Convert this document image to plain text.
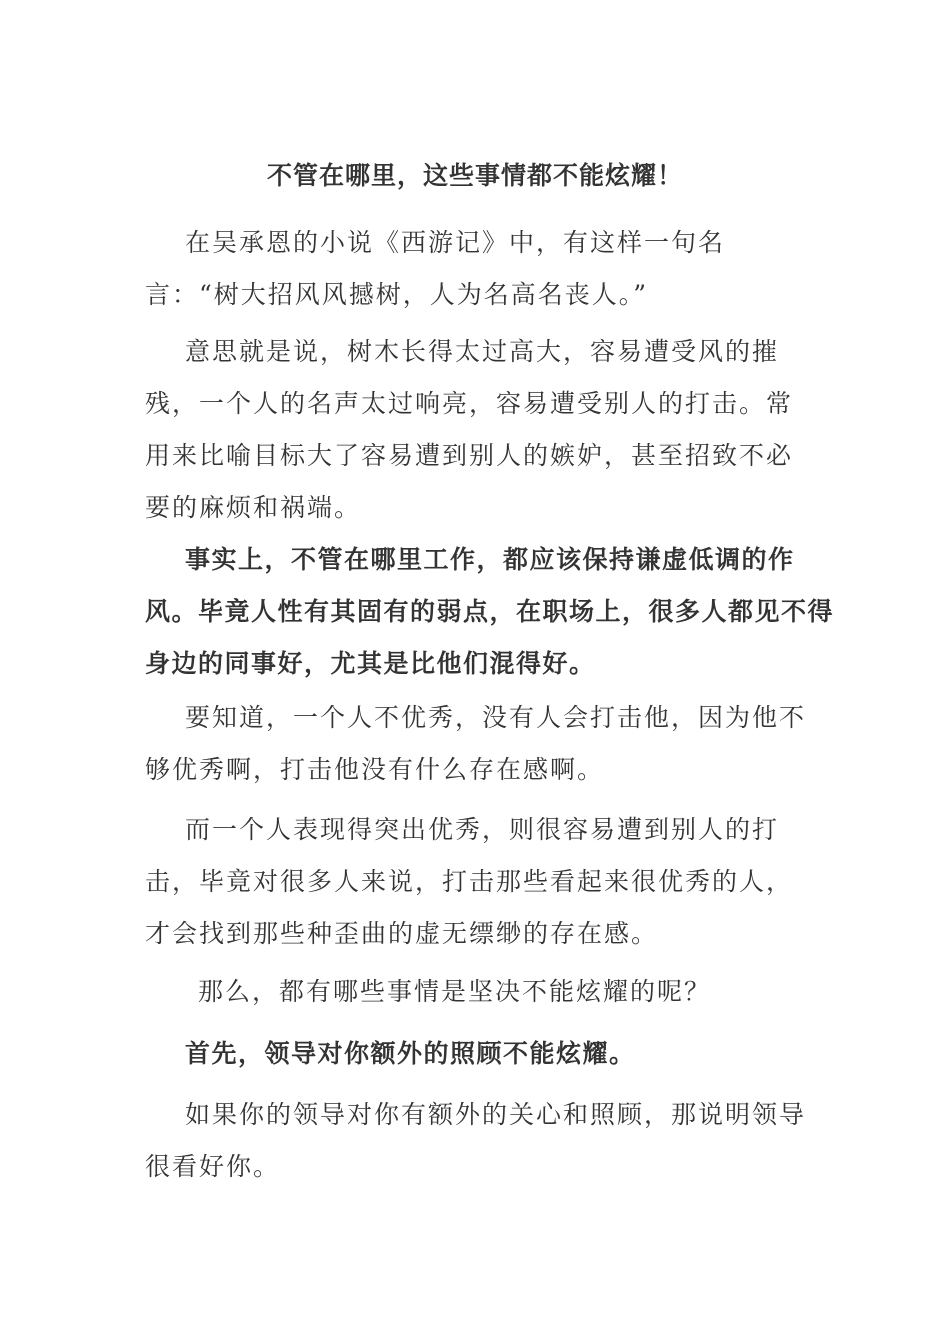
不管在哪里，这些事情都不能炫耀！

在吴承恩的小说《西游记》中，有这样一句名言：“树大招风风撼树，人为名高名丧人。”

意思就是说，树木长得太过高大，容易遭受风的摧残，一个人的名声太过响亮，容易遭受别人的打击。常用来比喻目标大了容易遭到别人的嫉妒，甚至招致不必要的麻烦和祸端。

事实上，不管在哪里工作，都应该保持谦虚低调的作风。毕竟人性有其固有的弱点，在职场上，很多人都见不得身边的同事好，尤其是比他们混得好。

要知道，一个人不优秀，没有人会打击他，因为他不够优秀啊，打击他没有什么存在感啊。

而一个人表现得突出优秀，则很容易遭到别人的打击，毕竟对很多人来说，打击那些看起来很优秀的人，才会找到那些种歪曲的虚无缥缈的存在感。

那么，都有哪些事情是坚决不能炫耀的呢？

首先，领导对你额外的照顾不能炫耀。

如果你的领导对你有额外的关心和照顾，那说明领导很看好你。
